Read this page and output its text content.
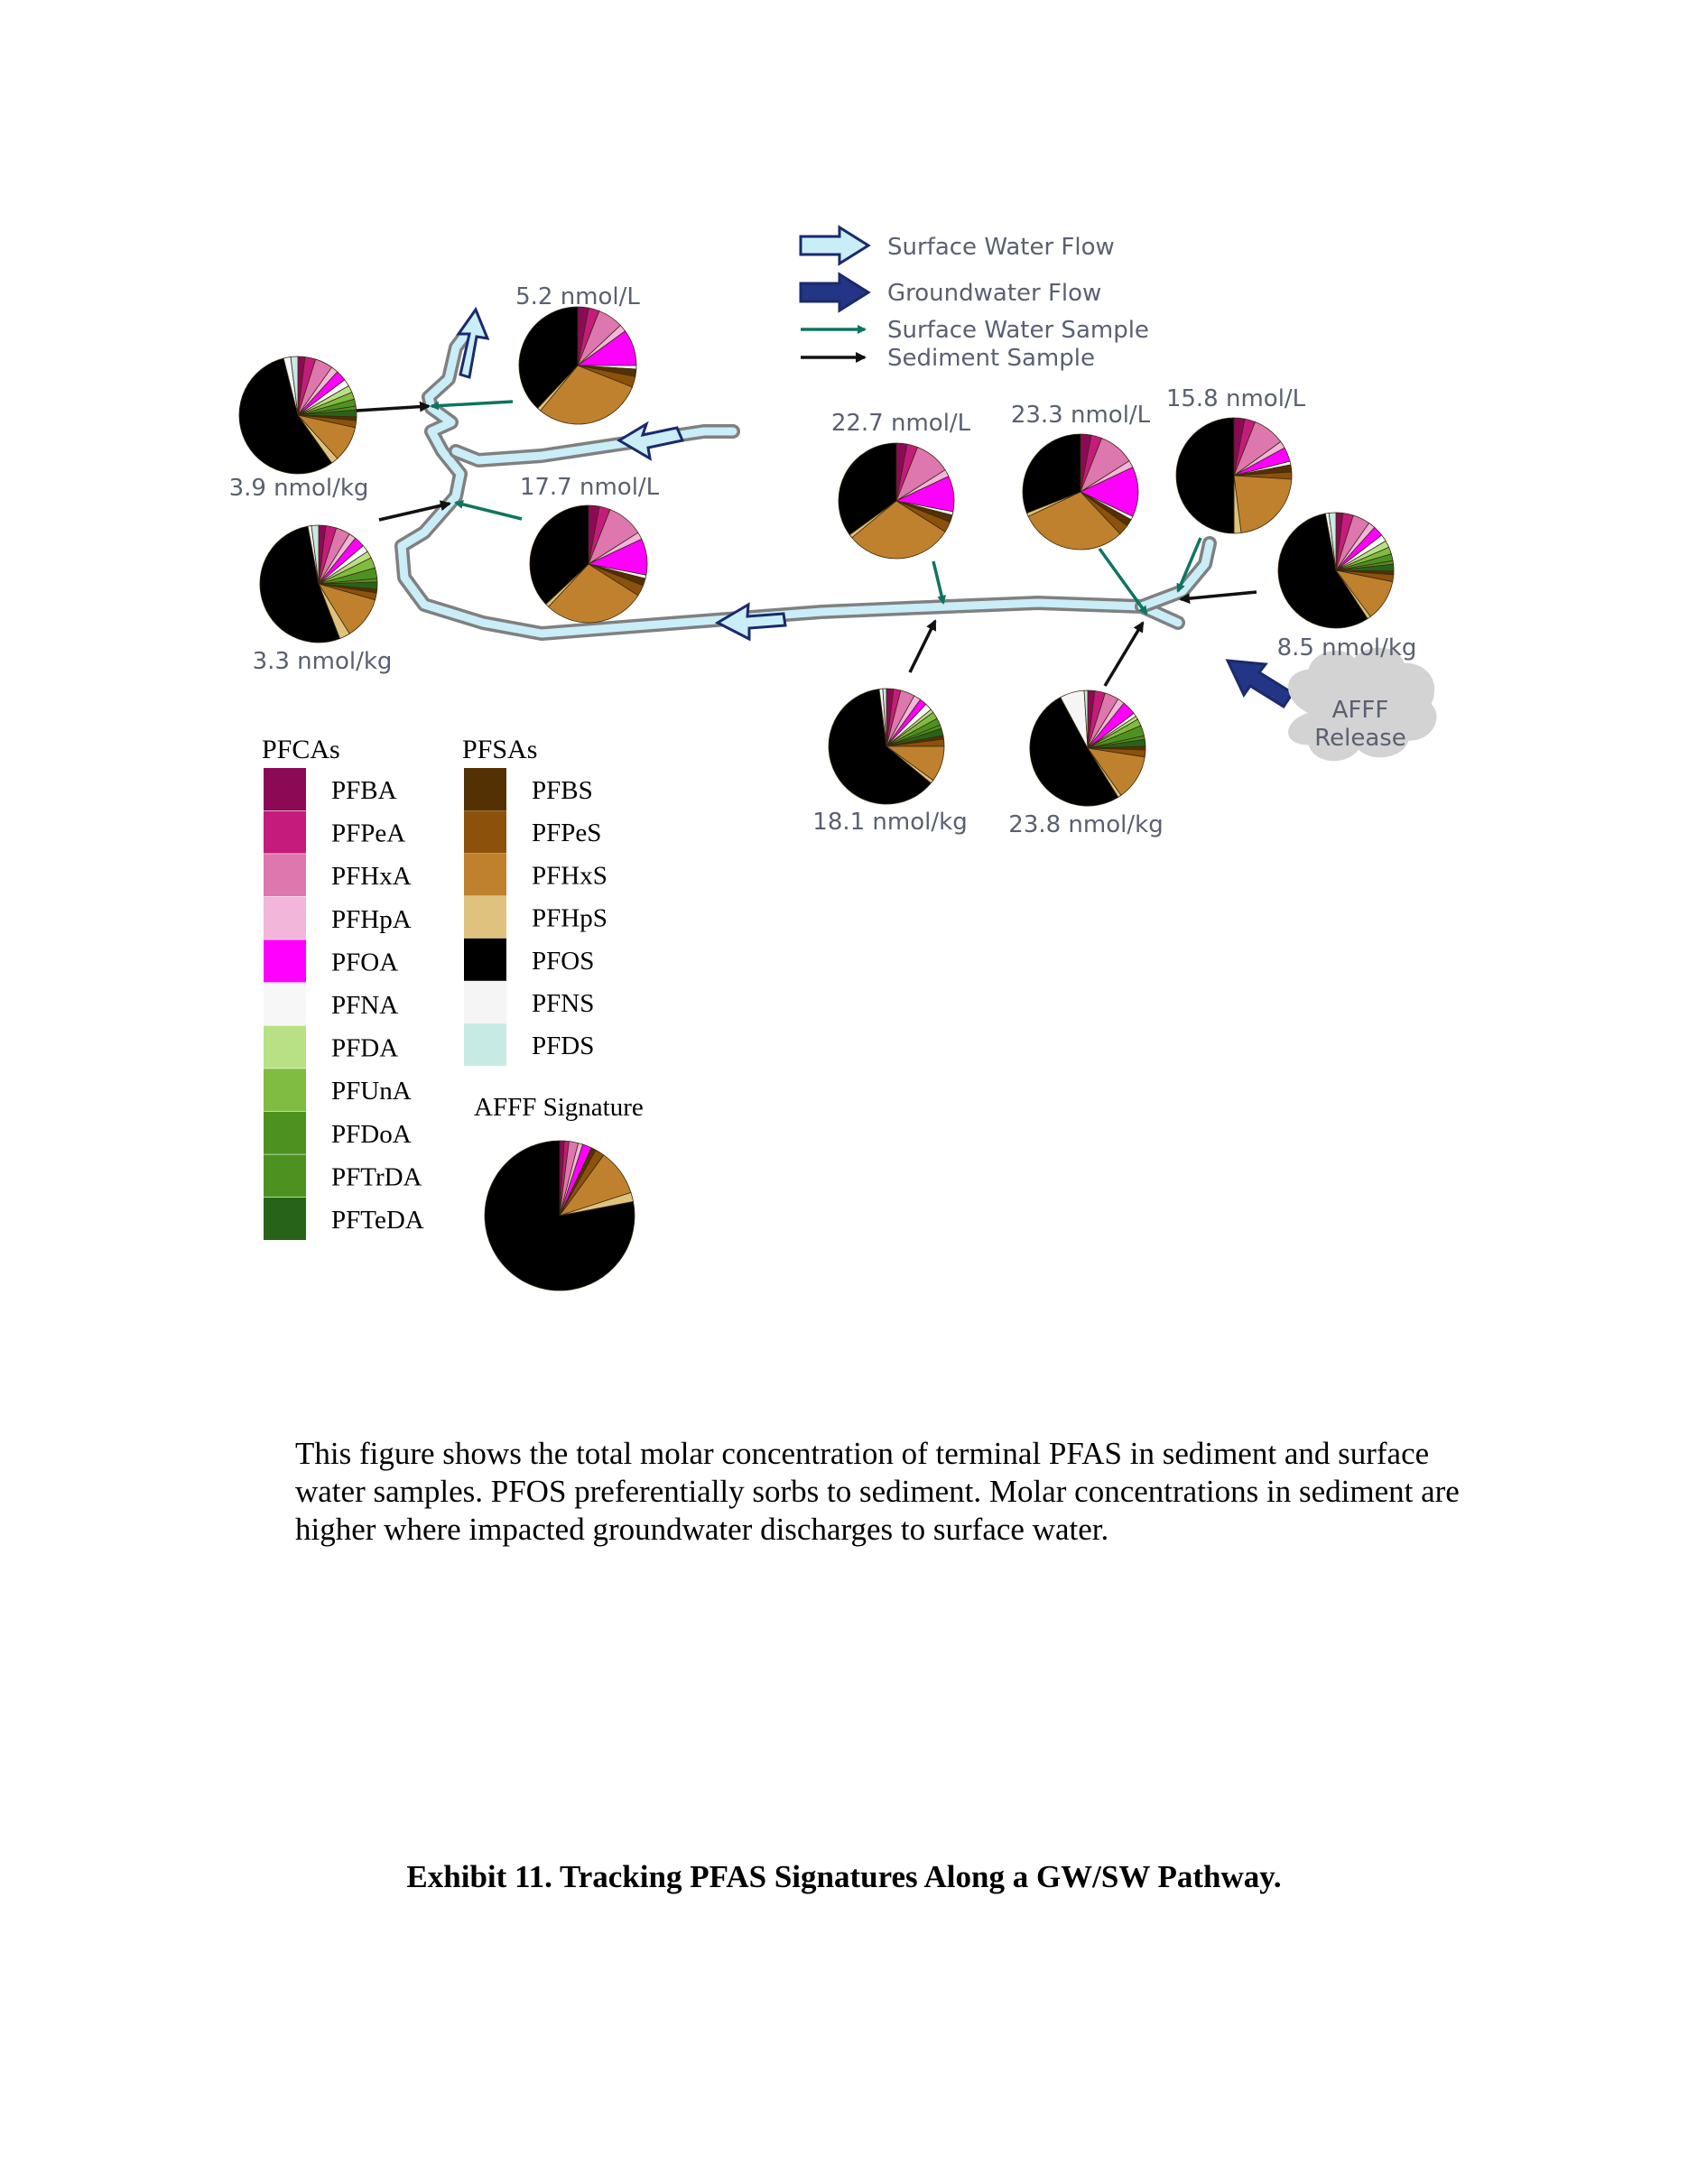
AFFF
Release
Surface Water Flow
Groundwater Flow
Surface Water Sample
Sediment Sample
5.2 nmol/L
3.9 nmol/kg	17.7 nmol/L
3.3 nmol/kg
22.7 nmol/L 23.3 nmol/L
15.8 nmol/L
8.5 nmol/kg
18.1 nmol/kg 23.8 nmol/kg
PFCAs	PFSAs
PFBA
PFPeA
PFHxA
PFHpA
PFOA
PFNA
PFDA
PFUnA
PFDoA
PFTrDA
PFTeDA
PFBS
PFPeS
PFHxS
PFHpS
PFOS
PFNS
PFDS
AFFF Signature
This figure shows the total molar concentration of terminal PFAS in sediment and surface water samples. PFOS preferentially sorbs to sediment. Molar concentrations in sediment are higher where impacted groundwater discharges to surface water.
Exhibit 11. Tracking PFAS Signatures Along a GW/SW Pathway.
